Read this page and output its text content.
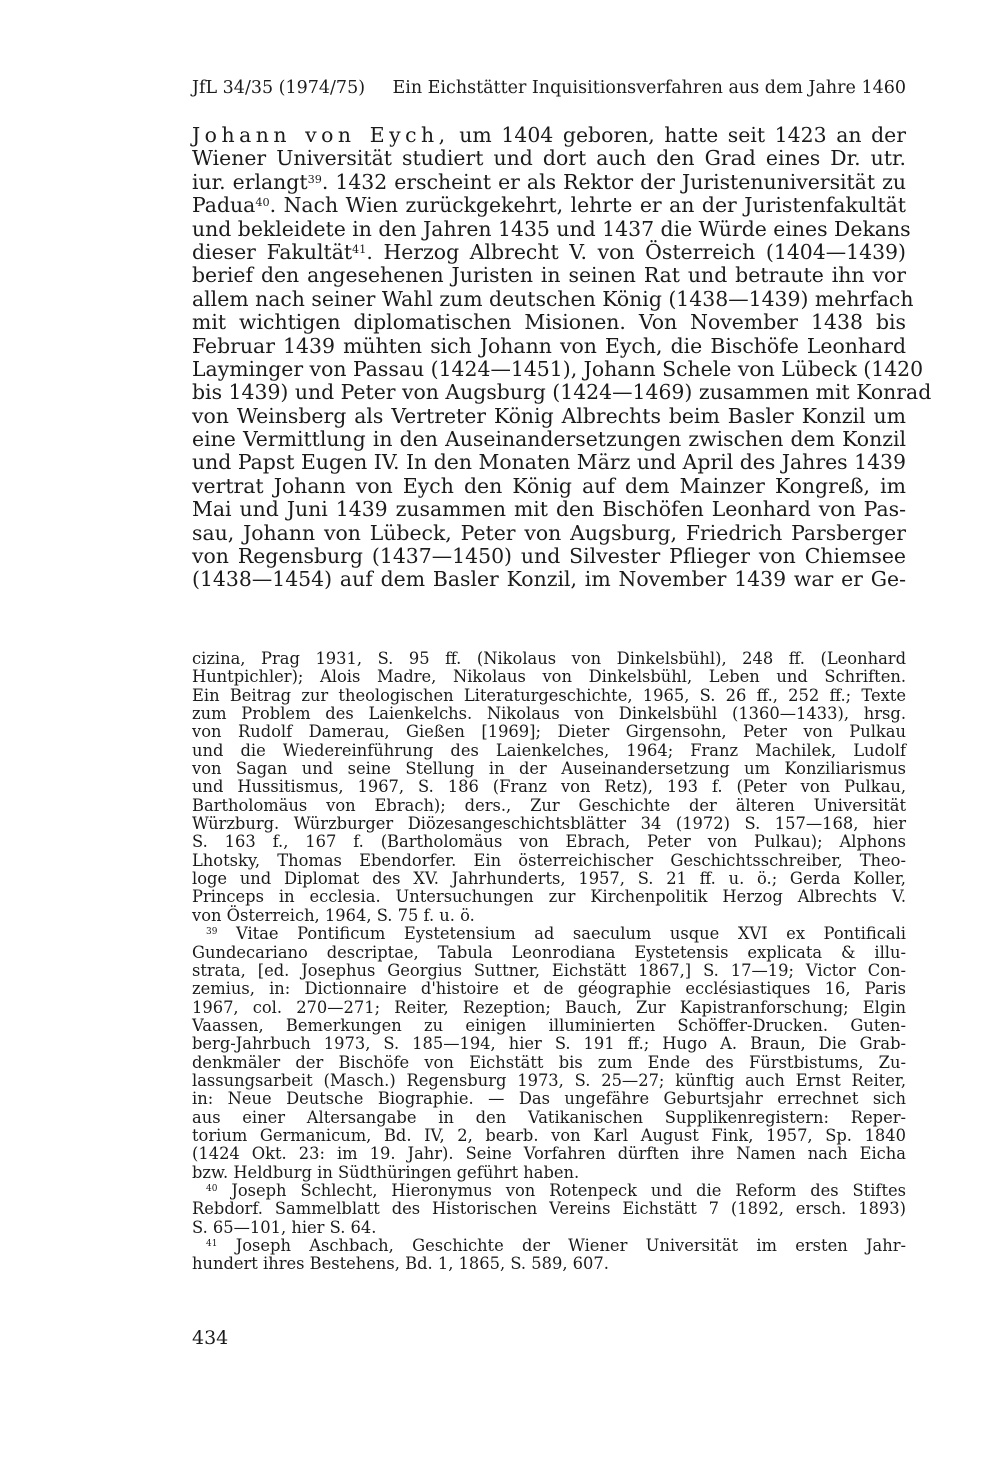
JfL 34/35 (1974/75) Ein Eichstätter Inquisitionsverfahren aus dem Jahre 1460
Johann von Eych, um 1404 geboren, hatte seit 1423 an der
Wiener Universität studiert und dort auch den Grad eines Dr. utr.
iur. erlangt$^{39}$. 1432 erscheint er als Rektor der Juristenuniversität zu
Padua$^{40}$. Nach Wien zurückgekehrt, lehrte er an der Juristenfakultät
und bekleidete in den Jahren 1435 und 1437 die Würde eines Dekans
dieser Fakultät$^{41}$. Herzog Albrecht V. von Österreich (1404—1439)
berief den angesehenen Juristen in seinen Rat und betraute ihn vor
allem nach seiner Wahl zum deutschen König (1438—1439) mehrfach
mit wichtigen diplomatischen Misionen. Von November 1438 bis
Februar 1439 mühten sich Johann von Eych, die Bischöfe Leonhard
Layminger von Passau (1424—1451), Johann Schele von Lübeck (1420
bis 1439) und Peter von Augsburg (1424—1469) zusammen mit Konrad
von Weinsberg als Vertreter König Albrechts beim Basler Konzil um
eine Vermittlung in den Auseinandersetzungen zwischen dem Konzil
und Papst Eugen IV. In den Monaten März und April des Jahres 1439
vertrat Johann von Eych den König auf dem Mainzer Kongreß, im
Mai und Juni 1439 zusammen mit den Bischöfen Leonhard von Pas-
sau, Johann von Lübeck, Peter von Augsburg, Friedrich Parsberger
von Regensburg (1437—1450) und Silvester Pflieger von Chiemsee
(1438—1454) auf dem Basler Konzil, im November 1439 war er Ge-
cizina, Prag 1931, S. 95 ff. (Nikolaus von Dinkelsbühl), 248 ff. (Leonhard
Huntpichler); Alois Madre, Nikolaus von Dinkelsbühl, Leben und Schriften.
Ein Beitrag zur theologischen Literaturgeschichte, 1965, S. 26 ff., 252 ff.; Texte
zum Problem des Laienkelchs. Nikolaus von Dinkelsbühl (1360—1433), hrsg.
von Rudolf Damerau, Gießen [1969]; Dieter Girgensohn, Peter von Pulkau
und die Wiedereinführung des Laienkelches, 1964; Franz Machilek, Ludolf
von Sagan und seine Stellung in der Auseinandersetzung um Konziliarismus
und Hussitismus, 1967, S. 186 (Franz von Retz), 193 f. (Peter von Pulkau,
Bartholomäus von Ebrach); ders., Zur Geschichte der älteren Universität
Würzburg. Würzburger Diözesangeschichtsblätter 34 (1972) S. 157—168, hier
S. 163 f., 167 f. (Bartholomäus von Ebrach, Peter von Pulkau); Alphons
Lhotsky, Thomas Ebendorfer. Ein österreichischer Geschichtsschreiber, Theo-
loge und Diplomat des XV. Jahrhunderts, 1957, S. 21 ff. u. ö.; Gerda Koller,
Princeps in ecclesia. Untersuchungen zur Kirchenpolitik Herzog Albrechts V.
von Österreich, 1964, S. 75 f. u. ö.
$^{39}$ Vitae Pontificum Eystetensium ad saeculum usque XVI ex Pontificali
Gundecariano descriptae, Tabula Leonrodiana Eystetensis explicata & illu-
strata, [ed. Josephus Georgius Suttner, Eichstätt 1867,] S. 17—19; Victor Con-
zemius, in: Dictionnaire d'histoire et de géographie ecclésiastiques 16, Paris
1967, col. 270—271; Reiter, Rezeption; Bauch, Zur Kapistranforschung; Elgin
Vaassen, Bemerkungen zu einigen illuminierten Schöffer-Drucken. Guten-
berg-Jahrbuch 1973, S. 185—194, hier S. 191 ff.; Hugo A. Braun, Die Grab-
denkmäler der Bischöfe von Eichstätt bis zum Ende des Fürstbistums, Zu-
lassungsarbeit (Masch.) Regensburg 1973, S. 25—27; künftig auch Ernst Reiter,
in: Neue Deutsche Biographie. — Das ungefähre Geburtsjahr errechnet sich
aus einer Altersangabe in den Vatikanischen Supplikenregistern: Reper-
torium Germanicum, Bd. IV, 2, bearb. von Karl August Fink, 1957, Sp. 1840
(1424 Okt. 23: im 19. Jahr). Seine Vorfahren dürften ihre Namen nach Eicha
bzw. Heldburg in Südthüringen geführt haben.
$^{40}$ Joseph Schlecht, Hieronymus von Rotenpeck und die Reform des Stiftes
Rebdorf. Sammelblatt des Historischen Vereins Eichstätt 7 (1892, ersch. 1893)
S. 65—101, hier S. 64.
$^{41}$ Joseph Aschbach, Geschichte der Wiener Universität im ersten Jahr-
hundert ihres Bestehens, Bd. 1, 1865, S. 589, 607.
434
